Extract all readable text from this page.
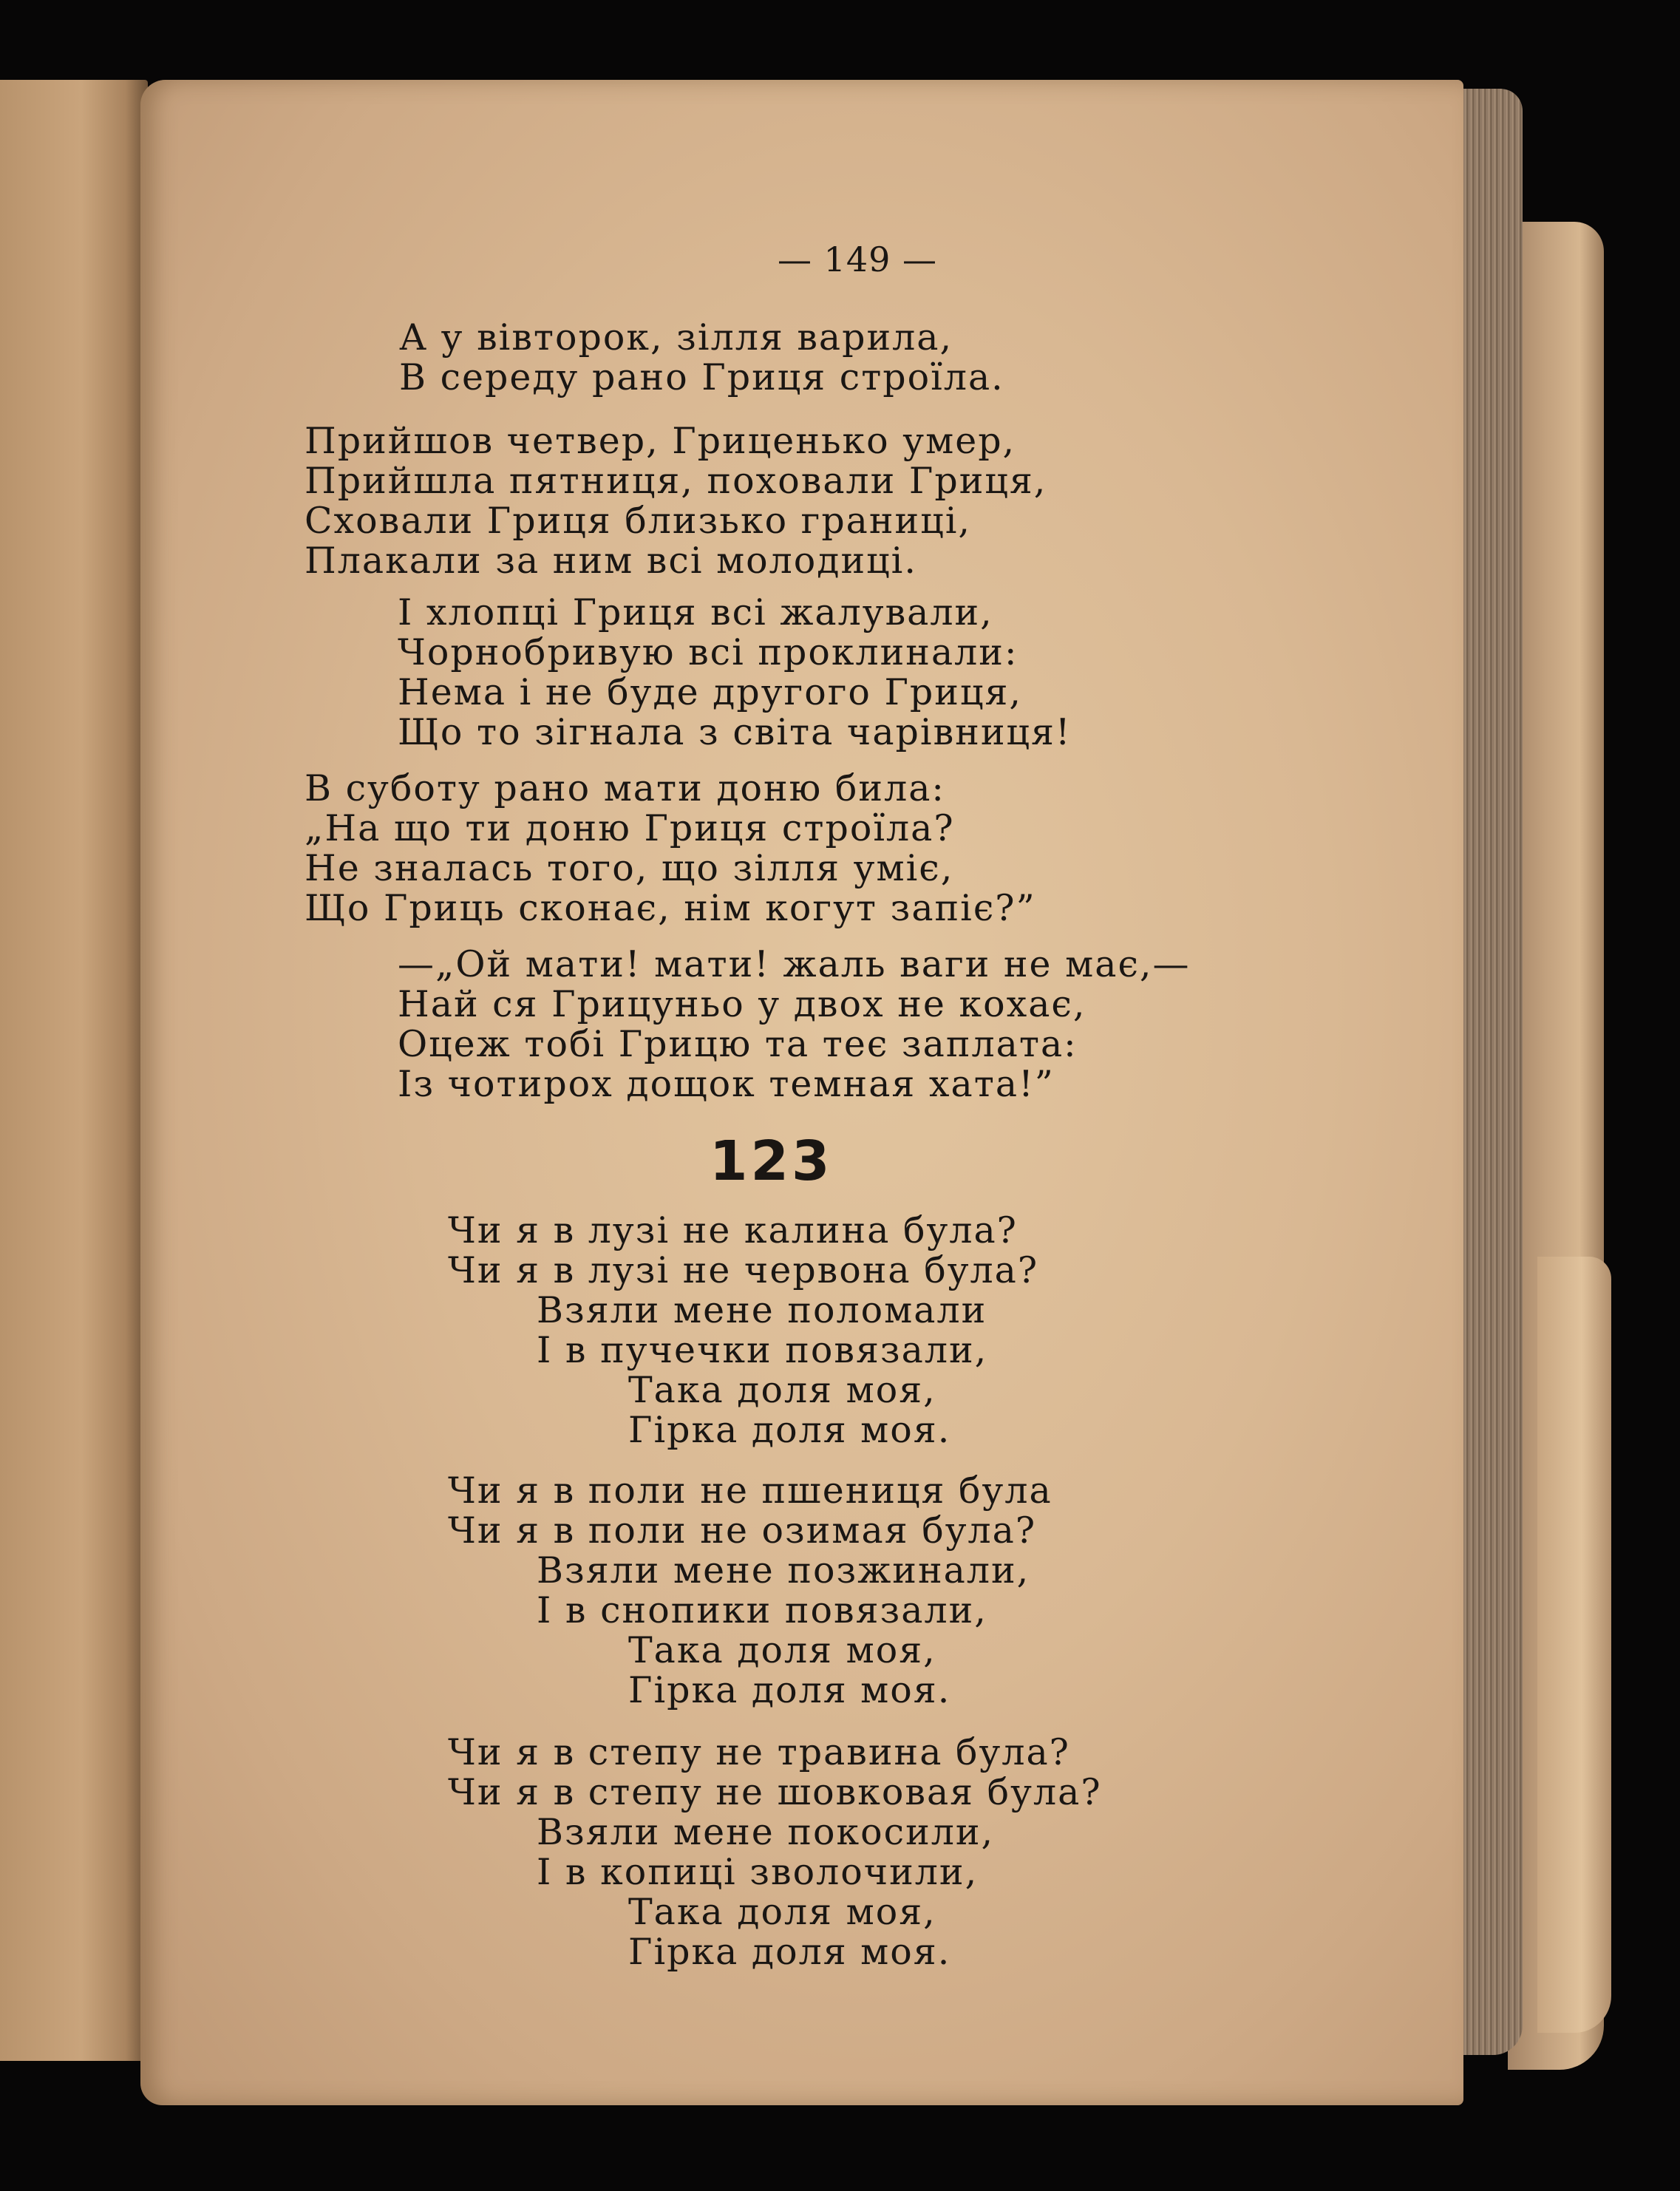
— 149 —
А у вівторок, зілля варила,
В середу рано Гриця строїла.
Прийшов четвер, Гриценько умер,
Прийшла пятниця, поховали Гриця,
Сховали Гриця близько границі,
Плакали за ним всі молодиці.
І хлопці Гриця всі жалували,
Чорнобривую всі проклинали:
Нема і не буде другого Гриця,
Що то зігнала з світа чарівниця!
В суботу рано мати доню била:
„На що ти доню Гриця строїла?
Не зналась того, що зілля уміє,
Що Гриць сконає, нім когут запіє?”
—„Ой мати! мати! жаль ваги не має,—
Най ся Грицуньо у двох не кохає,
Оцеж тобі Грицю та теє заплата:
Із чотирох дощок темная хата!”
123
Чи я в лузі не калина була?
Чи я в лузі не червона була?
Взяли мене поломали
І в пучечки повязали,
Така доля моя,
Гірка доля моя.
Чи я в поли не пшениця була
Чи я в поли не озимая була?
Взяли мене позжинали,
І в снопики повязали,
Така доля моя,
Гірка доля моя.
Чи я в степу не травина була?
Чи я в степу не шовковая була?
Взяли мене покосили,
І в копиці зволочили,
Така доля моя,
Гірка доля моя.
